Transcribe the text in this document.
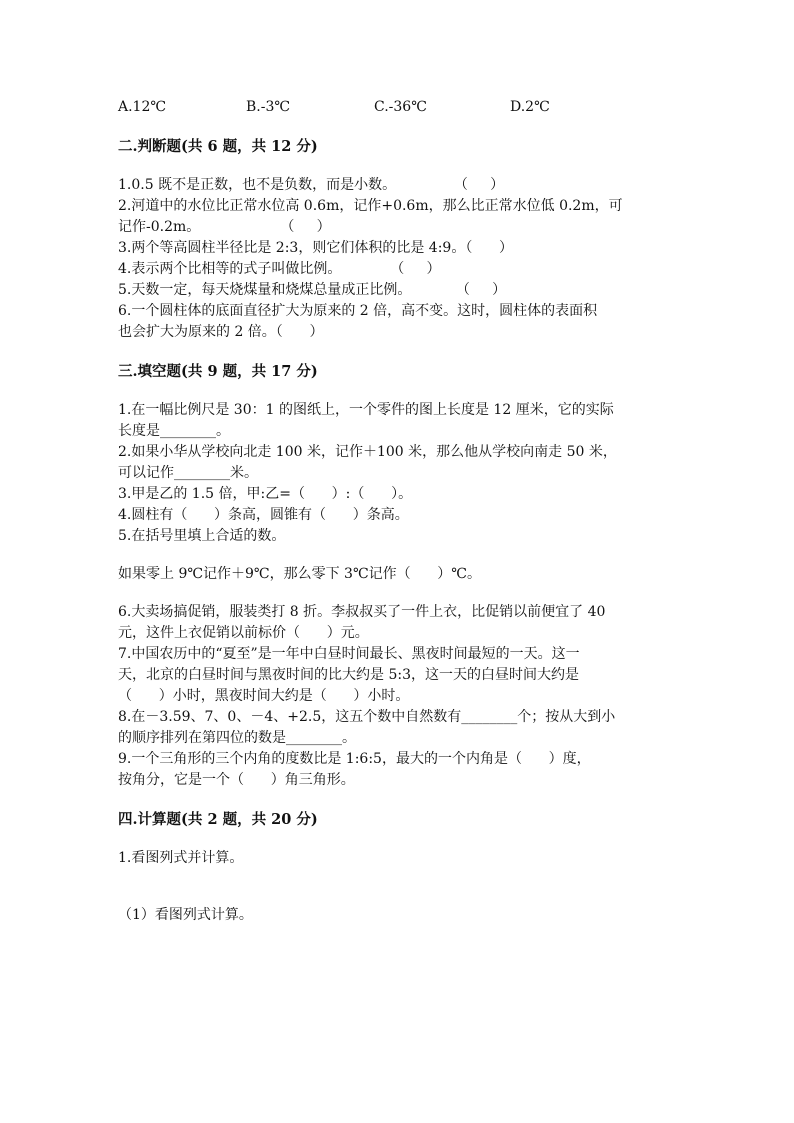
A.12℃	B.-3℃	C.-36℃	D.2℃

二.判断题(共 6 题，共 12 分)

1.0.5 既不是正数，也不是负数，而是小数。             （     ）

2.河道中的水位比正常水位高 0.6m，记作+0.6m，那么比正常水位低 0.2m，可

记作-0.2m。                  （     ）

3.两个等高圆柱半径比是 2:3，则它们体积的比是 4:9。（      ）

4.表示两个比相等的式子叫做比例。           （     ）

5.天数一定，每天烧煤量和烧煤总量成正比例。          （     ）

6.一个圆柱体的底面直径扩大为原来的 2 倍，高不变。这时，圆柱体的表面积

也会扩大为原来的 2 倍。（      ）

三.填空题(共 9 题，共 17 分)

1.在一幅比例尺是 30：1 的图纸上，一个零件的图上长度是 12 厘米，它的实际

长度是________。

2.如果小华从学校向北走 100 米，记作＋100 米，那么他从学校向南走 50 米，

可以记作________米。

3.甲是乙的 1.5 倍，甲:乙=（      ）:（      ）。

4.圆柱有（      ）条高，圆锥有（      ）条高。

5.在括号里填上合适的数。

如果零上 9℃记作＋9℃，那么零下 3℃记作（      ）℃。

6.大卖场搞促销，服装类打 8 折。李叔叔买了一件上衣，比促销以前便宜了 40

元，这件上衣促销以前标价（      ）元。

7.中国农历中的“夏至”是一年中白昼时间最长、黑夜时间最短的一天。这一

天，北京的白昼时间与黑夜时间的比大约是 5:3，这一天的白昼时间大约是

（      ）小时，黑夜时间大约是（      ）小时。

8.在－3.59、7、0、－4、+2.5，这五个数中自然数有________个；按从大到小

的顺序排列在第四位的数是________。

9.一个三角形的三个内角的度数比是 1:6:5，最大的一个内角是（      ）度，

按角分，它是一个（      ）角三角形。

四.计算题(共 2 题，共 20 分)

1.看图列式并计算。

（1）看图列式计算。
